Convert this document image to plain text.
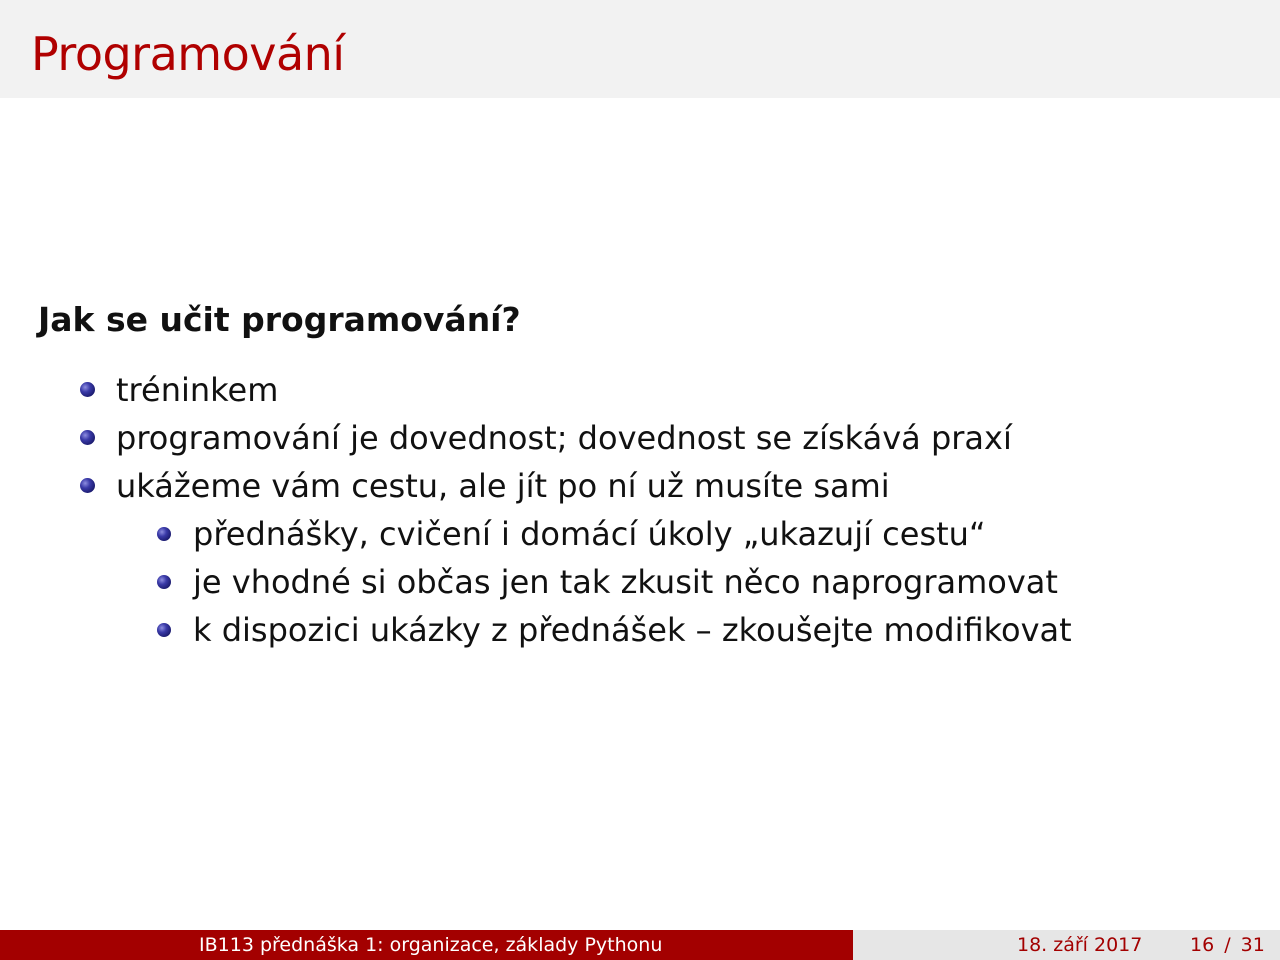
Programování
Jak se učit programování?
tréninkem
programování je dovednost; dovednost se získává praxí
ukážeme vám cestu, ale jít po ní už musíte sami
přednášky, cvičení i domácí úkoly „ukazují cestu“
je vhodné si občas jen tak zkusit něco naprogramovat
k dispozici ukázky z přednášek – zkoušejte modifikovat
IB113 přednáška 1: organizace, základy Pythonu	18. září 2017	16 / 31
